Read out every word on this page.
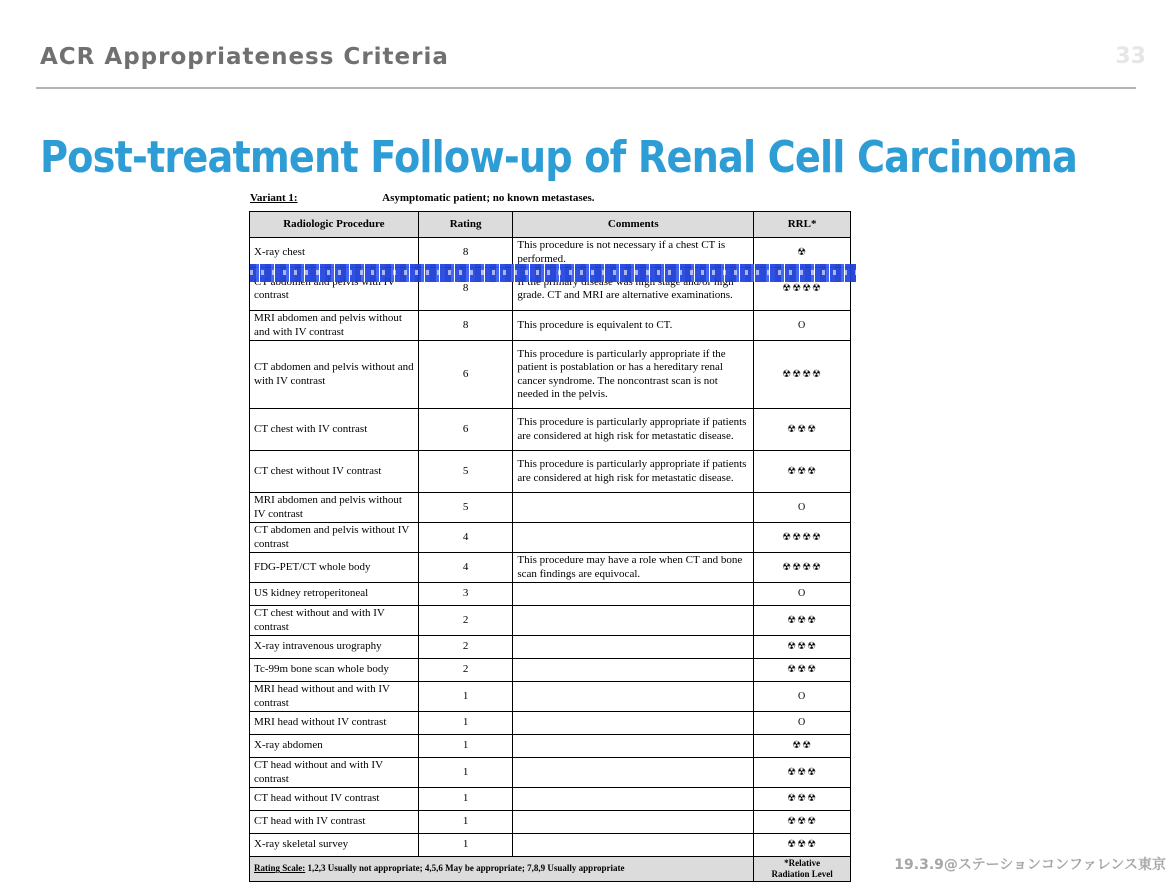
ACR Appropriateness Criteria	33
Post-treatment Follow-up of Renal Cell Carcinoma
Variant 1:	Asymptomatic patient; no known metastases.
Radiologic Procedure	Rating	Comments	RRL*
X-ray chest	8	This procedure is not necessary if a chest CT is performed.	☢
contrast	8	grade. CT and MRI are alternative examinations.	☢☢☢☢
MRI abdomen and pelvis without and with IV contrast	8	This procedure is equivalent to CT.	O
CT abdomen and pelvis without and with IV contrast	6	This procedure is particularly appropriate if the patient is postablation or has a hereditary renal cancer syndrome. The noncontrast scan is not needed in the pelvis.	☢☢☢☢
CT chest with IV contrast	6	This procedure is particularly appropriate if patients are considered at high risk for metastatic disease.	☢☢☢
CT chest without IV contrast	5	This procedure is particularly appropriate if patients are considered at high risk for metastatic disease.	☢☢☢
MRI abdomen and pelvis without IV contrast	5		O
CT abdomen and pelvis without IV contrast	4		☢☢☢☢
FDG-PET/CT whole body	4	This procedure may have a role when CT and bone scan findings are equivocal.	☢☢☢☢
US kidney retroperitoneal	3		O
CT chest without and with IV contrast	2		☢☢☢
X-ray intravenous urography	2		☢☢☢
Tc-99m bone scan whole body	2		☢☢☢
MRI head without and with IV contrast	1		O
MRI head without IV contrast	1		O
X-ray abdomen	1		☢☢
CT head without and with IV contrast	1		☢☢☢
CT head without IV contrast	1		☢☢☢
CT head with IV contrast	1		☢☢☢
X-ray skeletal survey	1		☢☢☢
Rating Scale: 1,2,3 Usually not appropriate; 4,5,6 May be appropriate; 7,8,9 Usually appropriate			*Relative
Radiation Level
19.3.9@ステーションコンファレンス東京
